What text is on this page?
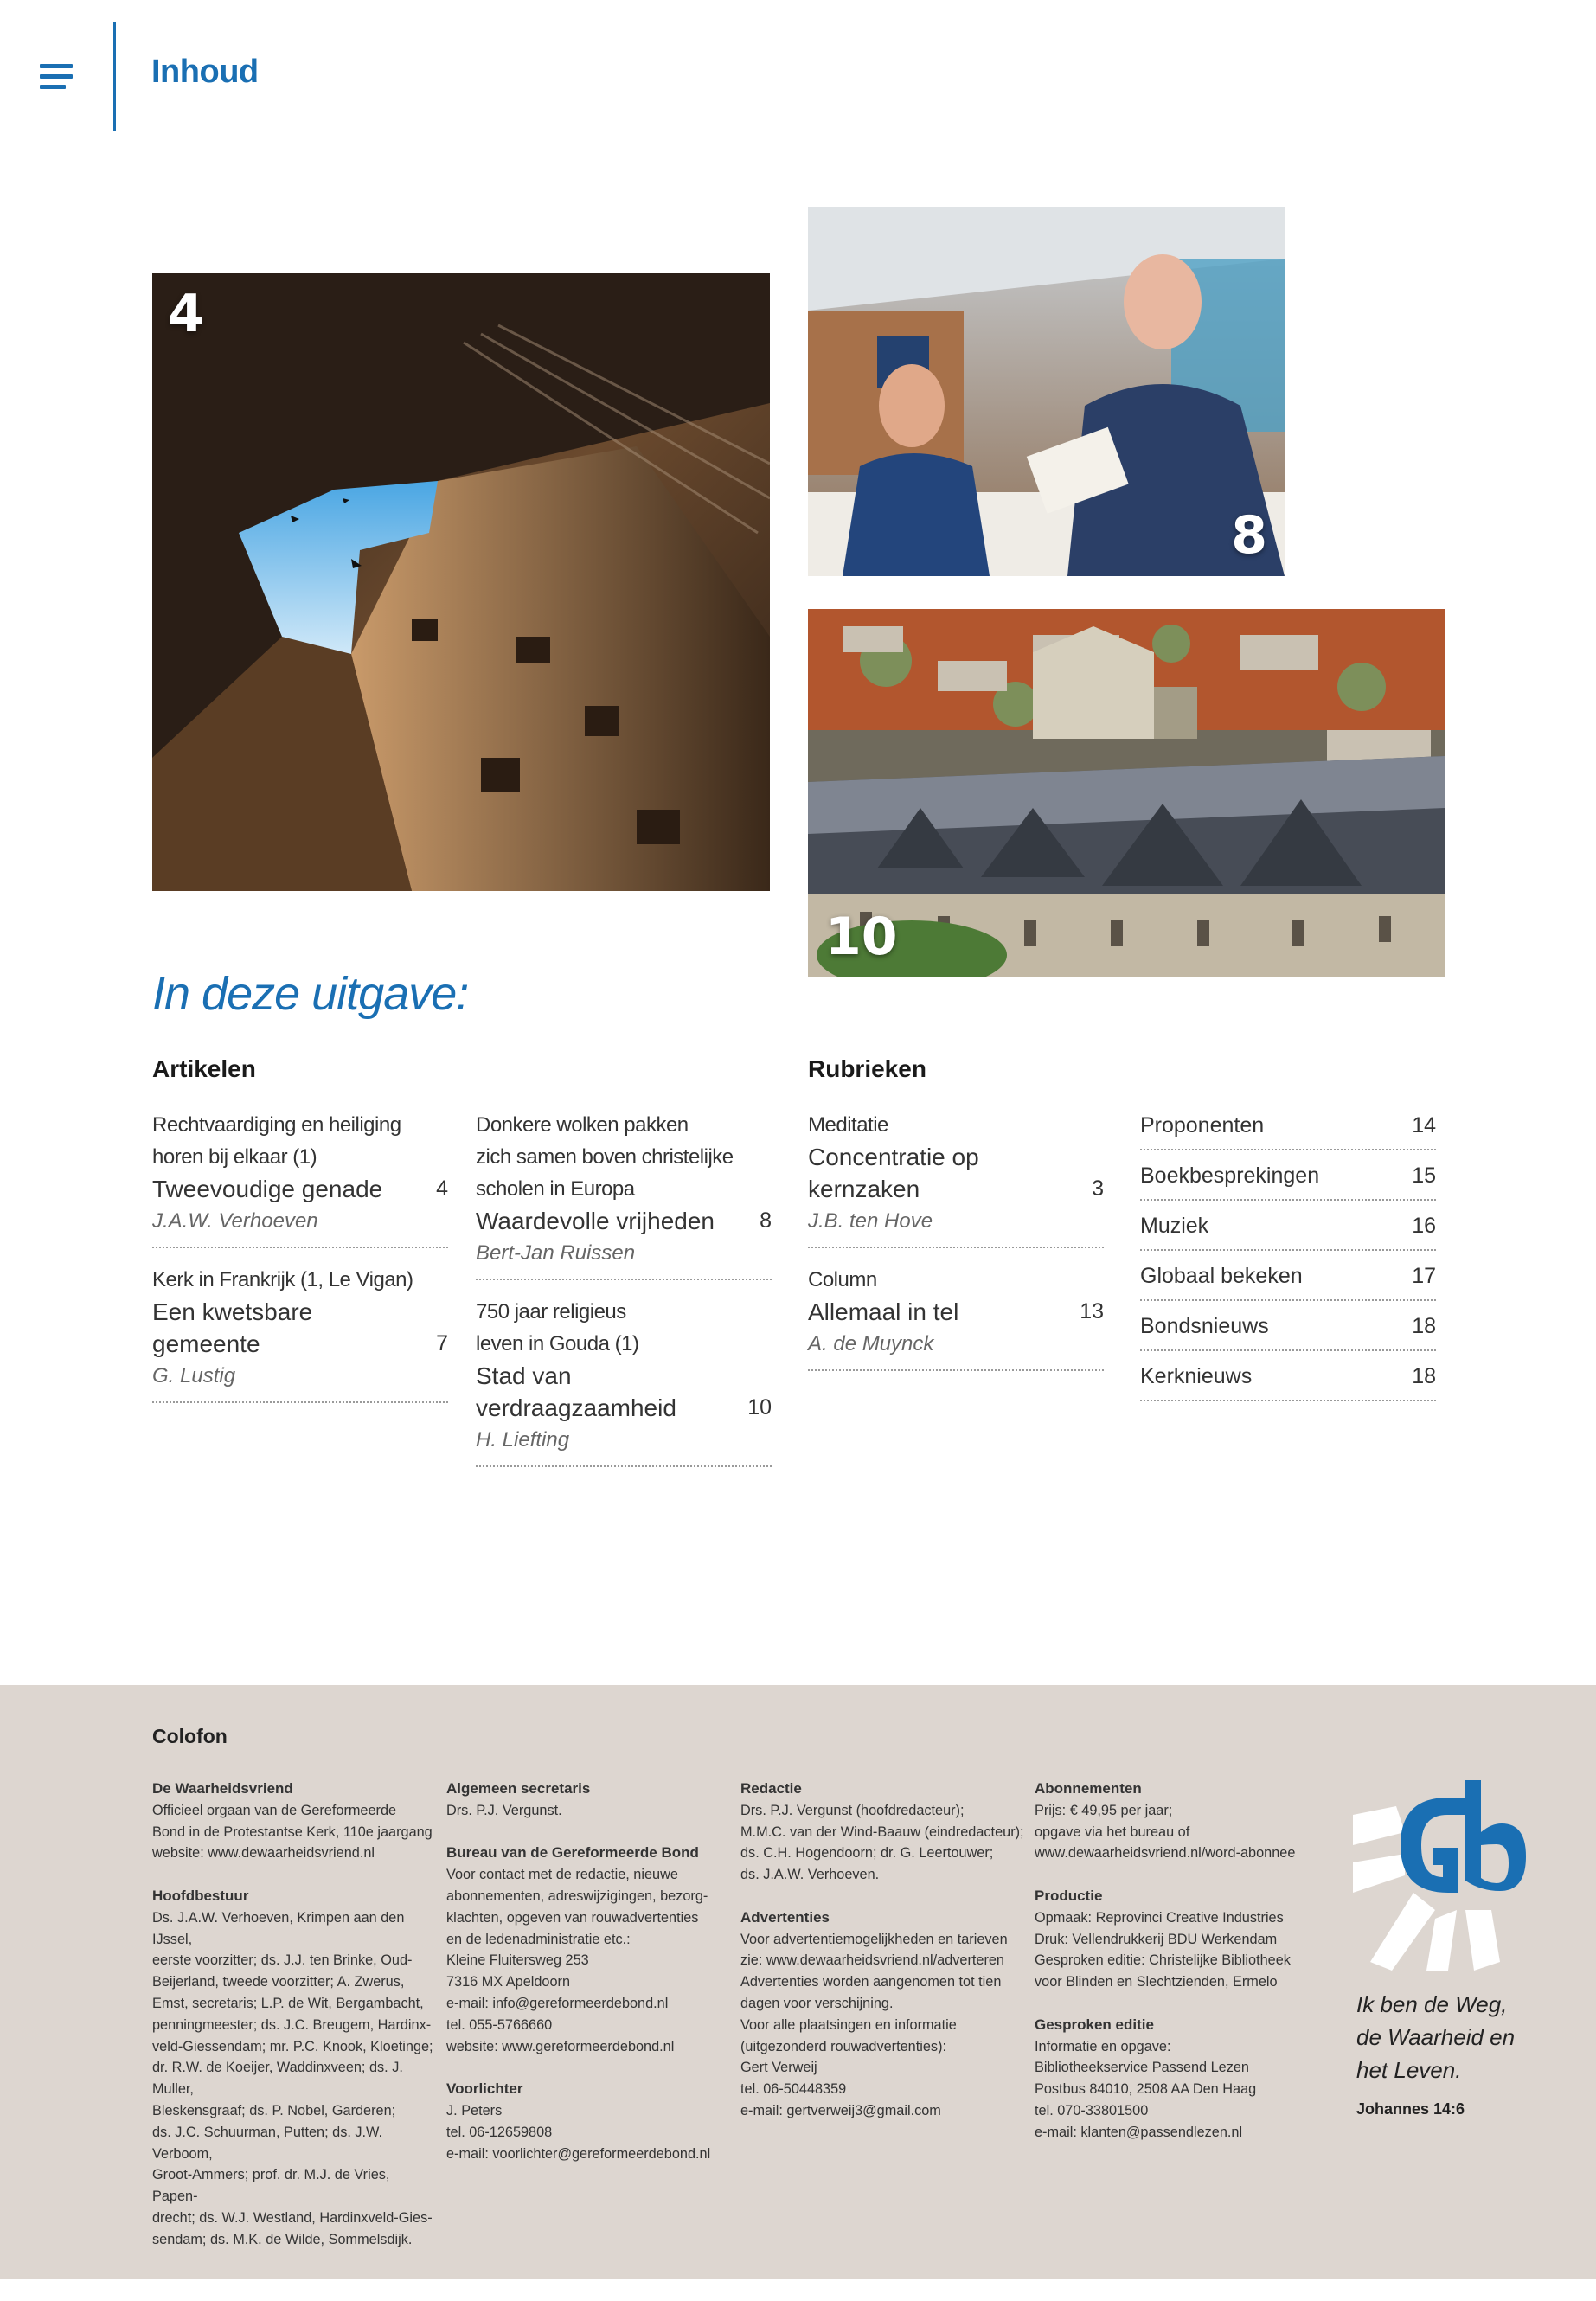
Inhoud
4
8
10
In deze uitgave:
Artikelen	Rubrieken
Rechtvaardiging en heiliging
horen bij elkaar (1)
Tweevoudige genade 4
J.A.W. Verhoeven
Kerk in Frankrijk (1, Le Vigan)
Een kwetsbare gemeente	7
G. Lustig
Donkere wolken pakken
zich samen boven christelijke
scholen in Europa
Waardevolle vrijheden 8
Bert-Jan Ruissen
750 jaar religieus
leven in Gouda (1)
Stad van verdraagzaamheid	10
H. Liefting
Meditatie
Concentratie op kernzaken	3
J.B. ten Hove
Column
Allemaal in tel	13
A. de Muynck
Proponenten	14
Boekbesprekingen	15
Muziek	16
Globaal bekeken	17
Bondsnieuws	18
Kerknieuws	18
Colofon
De Waarheidsvriend
Officieel orgaan van de Gereformeerde
Bond in de Protestantse Kerk, 110e jaargang
website: www.dewaarheidsvriend.nl
Hoofdbestuur
Ds. J.A.W. Verhoeven, Krimpen aan den IJssel,
eerste voorzitter; ds. J.J. ten Brinke, Oud-
Beijerland, tweede voorzitter; A. Zwerus,
Emst, secretaris; L.P. de Wit, Bergambacht,
penningmeester; ds. J.C. Breugem, Hardinx-
veld-Giessendam; mr. P.C. Knook, Kloetinge;
dr. R.W. de Koeijer, Waddinxveen; ds. J. Muller,
Bleskensgraaf; ds. P. Nobel, Garderen;
ds. J.C. Schuurman, Putten; ds. J.W. Verboom,
Groot-Ammers; prof. dr. M.J. de Vries, Papen-
drecht; ds. W.J. Westland, Hardinxveld-Gies-
sendam; ds. M.K. de Wilde, Sommelsdijk.
Algemeen secretaris
Drs. P.J. Vergunst.
Bureau van de Gereformeerde Bond
Voor contact met de redactie, nieuwe
abonnementen, adreswijzigingen, bezorg-
klachten, opgeven van rouwadvertenties
en de ledenadministratie etc.:
Kleine Fluitersweg 253
7316 MX Apeldoorn
e-mail: info@gereformeerdebond.nl
tel. 055-5766660
website: www.gereformeerdebond.nl
Voorlichter
J. Peters
tel. 06-12659808
e-mail: voorlichter@gereformeerdebond.nl
Redactie
Drs. P.J. Vergunst (hoofdredacteur);
M.M.C. van der Wind-Baauw (eindredacteur);
ds. C.H. Hogendoorn; dr. G. Leertouwer;
ds. J.A.W. Verhoeven.
Advertenties
Voor advertentiemogelijkheden en tarieven
zie: www.dewaarheidsvriend.nl/adverteren
Advertenties worden aangenomen tot tien
dagen voor verschijning.
Voor alle plaatsingen en informatie
(uitgezonderd rouwadvertenties):
Gert Verweij
tel. 06-50448359
e-mail: gertverweij3@gmail.com
Abonnementen
Prijs: € 49,95 per jaar;
opgave via het bureau of
www.dewaarheidsvriend.nl/word-abonnee
Productie
Opmaak: Reprovinci Creative Industries
Druk: Vellendrukkerij BDU Werkendam
Gesproken editie: Christelijke Bibliotheek
voor Blinden en Slechtzienden, Ermelo
Gesproken editie
Informatie en opgave:
Bibliotheekservice Passend Lezen
Postbus 84010, 2508 AA Den Haag
tel. 070-33801500
e-mail: klanten@passendlezen.nl
Ik ben de Weg,
de Waarheid en
het Leven.
Johannes 14:6
